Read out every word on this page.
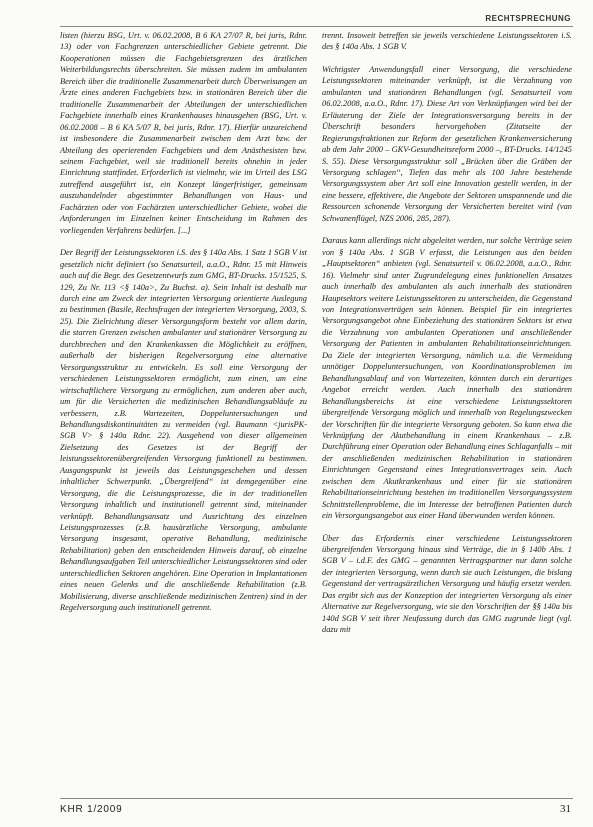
RECHTSPRECHUNG

listen (hierzu BSG, Urt. v. 06.02.2008, B 6 KA 27/07 R, bei juris, Rdnr. 13) oder von Fachgrenzen unterschiedlicher Gebiete getrennt. Die Kooperationen müssen die Fachgebietsgrenzen des ärztlichen Weiterbildungsrechts überschreiten. Sie müssen zudem im ambulanten Bereich über die traditionelle Zusammenarbeit durch Überweisungen an Ärzte eines anderen Fachgebiets bzw. in stationären Bereich über die traditionelle Zusammenarbeit der Abteilungen der unterschiedlichen Fachgebiete innerhalb eines Krankenhauses hinausgehen (BSG, Urt. v. 06.02.2008 – B 6 KA 5/07 R, bei juris, Rdnr. 17). Hierfür unzureichend ist insbesondere die Zusammenarbeit zwischen dem Arzt bzw. der Abteilung des operierenden Fachgebiets und dem Anästhesisten bzw. seinem Fachgebiet, weil sie traditionell bereits ohnehin in jeder Einrichtung stattfindet. Erforderlich ist vielmehr, wie im Urteil des LSG zutreffend ausgeführt ist, ein Konzept längerfristiger, gemeinsam auszuhandelnder abgestimmter Behandlungen von Haus- und Fachärzten oder von Fachärzten unterschiedlicher Gebiete, wobei die Anforderungen im Einzelnen keiner Entscheidung im Rahmen des vorliegenden Verfahrens bedürfen. [...]

Der Begriff der Leistungssektoren i.S. des § 140a Abs. 1 Satz 1 SGB V ist gesetzlich nicht definiert (so Senatsurteil, a.a.O., Rdnr. 15 mit Hinweis auch auf die Begr. des Gesetzentwurfs zum GMG, BT-Drucks. 15/1525, S. 129, Zu Nr. 113 <§ 140a>, Zu Buchst. a). Sein Inhalt ist deshalb nur durch eine am Zweck der integrierten Versorgung orientierte Auslegung zu bestimmen (Basile, Rechtsfragen der integrierten Versorgung, 2003, S. 25). Die Zielrichtung dieser Versorgungsform besteht vor allem darin, die starren Grenzen zwischen ambulanter und stationärer Versorgung zu durchbrechen und den Krankenkassen die Möglichkeit zu eröffnen, außerhalb der bisherigen Regelversorgung eine alternative Versorgungsstruktur zu entwickeln. Es soll eine Versorgung der verschiedenen Leistungssektoren ermöglicht, zum einen, um eine wirtschaftlichere Versorgung zu ermöglichen, zum anderen aber auch, um für die Versicherten die medizinischen Behandlungsabläufe zu verbessern, z.B. Wartezeiten, Doppeluntersuchungen und Behandlungsdiskontinuitäten zu vermeiden (vgl. Baumann <jurisPK-SGB V> § 140a Rdnr. 22). Ausgehend von dieser allgemeinen Zielsetzung des Gesetzes ist der Begriff der leistungssektorenübergreifenden Versorgung funktionell zu bestimmen. Ausgangspunkt ist jeweils das Leistungsgeschehen und dessen inhaltlicher Schwerpunkt. „Übergreifend“ ist demgegenüber eine Versorgung, die die Leistungsprozesse, die in der traditionellen Versorgung inhaltlich und institutionell getrennt sind, miteinander verknüpft. Behandlungsansatz und Ausrichtung des einzelnen Leistungsprozesses (z.B. hausärztliche Versorgung, ambulante Versorgung insgesamt, operative Behandlung, medizinische Rehabilitation) geben den entscheidenden Hinweis darauf, ob einzelne Behandlungsaufgaben Teil unterschiedlicher Leistungssektoren sind oder unterschiedlichen Sektoren angehören. Eine Operation in Implantationen eines neuen Gelenks und die anschließende Rehabilitation (z.B. Mobilisierung, diverse anschließende medizinischen Zentren) sind in der Regelversorgung auch institutionell getrennt.

trennt. Insoweit betreffen sie jeweils verschiedene Leistungssektoren i.S. des § 140a Abs. 1 SGB V.

Wichtigster Anwendungsfall einer Versorgung, die verschiedene Leistungssektoren miteinander verknüpft, ist die Verzahnung von ambulanten und stationären Behandlungen (vgl. Senatsurteil vom 06.02.2008, a.a.O., Rdnr. 17). Diese Art von Verknüpfungen wird bei der Erläuterung der Ziele der Integrationsversorgung bereits in der Überschrift besonders hervorgehoben (Zitatseite der Regierungsfraktionen zur Reform der gesetzlichen Krankenversicherung ab dem Jahr 2000 – GKV-Gesundheitsreform 2000 –, BT-Drucks. 14/1245 S. 55). Diese Versorgungsstruktur soll „Brücken über die Gräben der Versorgung schlagen“, Tiefen das mehr als 100 Jahre bestehende Versorgungssystem aber Art soll eine Innovation gestellt werden, in der eine bessere, effektivere, die Angebote der Sektoren umspannende und die Ressourcen schonende Versorgung der Versicherten bereitet wird (van Schwanenflügel, NZS 2006, 285, 287).

Daraus kann allerdings nicht abgeleitet werden, nur solche Verträge seien von § 140a Abs. 1 SGB V erfasst, die Leistungen aus den beiden „Hauptsektoren“ anbieten (vgl. Senatsurteil v. 06.02.2008, a.a.O., Rdnr. 16). Vielmehr sind unter Zugrundelegung eines funktionellen Ansatzes auch innerhalb des ambulanten als auch innerhalb des stationären Hauptsektors weitere Leistungssektoren zu unterscheiden, die Gegenstand von Integrationsverträgen sein können. Beispiel für ein integriertes Versorgungsangebot ohne Einbeziehung des stationären Sektors ist etwa die Verzahnung von ambulanten Operationen und anschließender Versorgung der Patienten in ambulanten Rehabilitationseinrichtungen. Da Ziele der integrierten Versorgung, nämlich u.a. die Vermeidung unnötiger Doppeluntersuchungen, von Koordinationsproblemen im Behandlungsablauf und von Wartezeiten, könnten durch ein derartiges Angebot erreicht werden. Auch innerhalb des stationären Behandlungsbereichs ist eine verschiedene Leistungssektoren übergreifende Versorgung möglich und innerhalb von Regelungszwecken der Vorschriften für die integrierte Versorgung geboten. So kann etwa die Verknüpfung der Akutbehandlung in einem Krankenhaus – z.B. Durchführung einer Operation oder Behandlung eines Schlaganfalls – mit der anschließenden medizinischen Rehabilitation in stationären Einrichtungen Gegenstand eines Integrationsvertrages sein. Auch zwischen dem Akutkrankenhaus und einer für sie stationären Rehabilitationseinrichtung bestehen im traditionellen Versorgungssystem Schnittstellenprobleme, die im Interesse der betroffenen Patienten durch ein Versorgungsangebot aus einer Hand überwunden werden können.

Über das Erfordernis einer verschiedene Leistungssektoren übergreifenden Versorgung hinaus sind Verträge, die in § 140b Abs. 1 SGB V – i.d.F. des GMG – genannten Vertragspartner nur dann solche der integrierten Versorgung, wenn durch sie auch Leistungen, die bislang Gegenstand der vertragsärztlichen Versorgung und häufig ersetzt werden. Das ergibt sich aus der Konzeption der integrierten Versorgung als einer Alternative zur Regelversorgung, wie sie den Vorschriften der §§ 140a bis 140d SGB V seit ihrer Neufassung durch das GMG zugrunde liegt (vgl. dazu mit

KHR 1/2009	31
